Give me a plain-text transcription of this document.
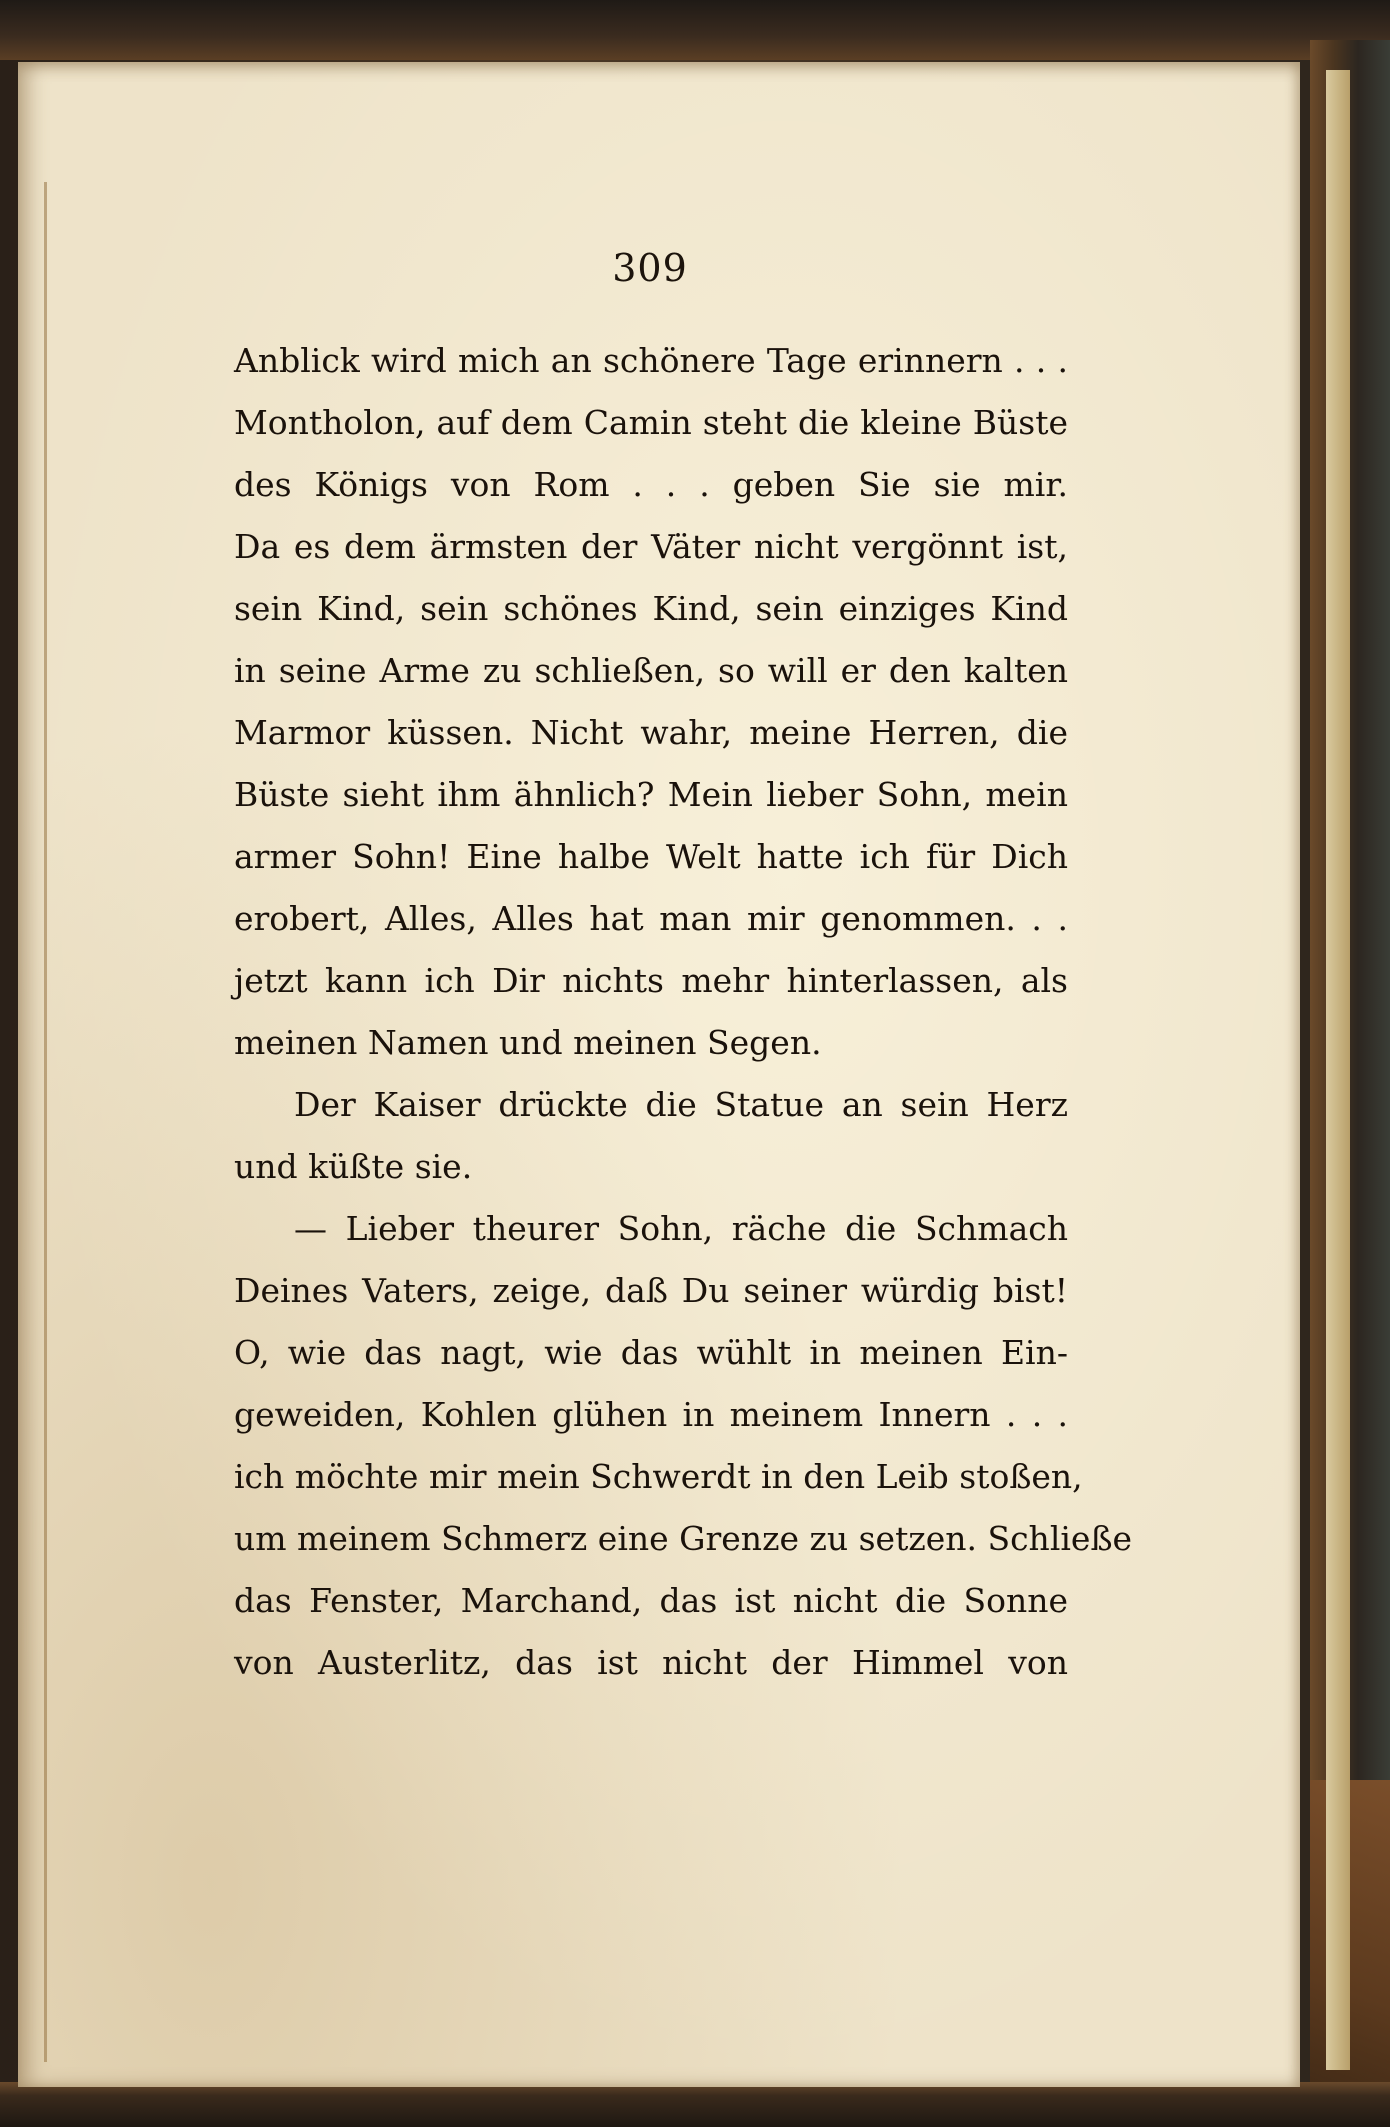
309
Anblick wird mich an schönere Tage erinnern . . .
Montholon, auf dem Camin steht die kleine Büste
des Königs von Rom . . . geben Sie sie mir.
Da es dem ärmsten der Väter nicht vergönnt ist,
sein Kind, sein schönes Kind, sein einziges Kind
in seine Arme zu schließen, so will er den kalten
Marmor küssen. Nicht wahr, meine Herren, die
Büste sieht ihm ähnlich? Mein lieber Sohn, mein
armer Sohn! Eine halbe Welt hatte ich für Dich
erobert, Alles, Alles hat man mir genommen. . .
jetzt kann ich Dir nichts mehr hinterlassen, als
meinen Namen und meinen Segen.
Der Kaiser drückte die Statue an sein Herz
und küßte sie.
— Lieber theurer Sohn, räche die Schmach
Deines Vaters, zeige, daß Du seiner würdig bist!
O, wie das nagt, wie das wühlt in meinen Ein-
geweiden, Kohlen glühen in meinem Innern . . .
ich möchte mir mein Schwerdt in den Leib stoßen,
um meinem Schmerz eine Grenze zu setzen. Schließe
das Fenster, Marchand, das ist nicht die Sonne
von Austerlitz, das ist nicht der Himmel von
